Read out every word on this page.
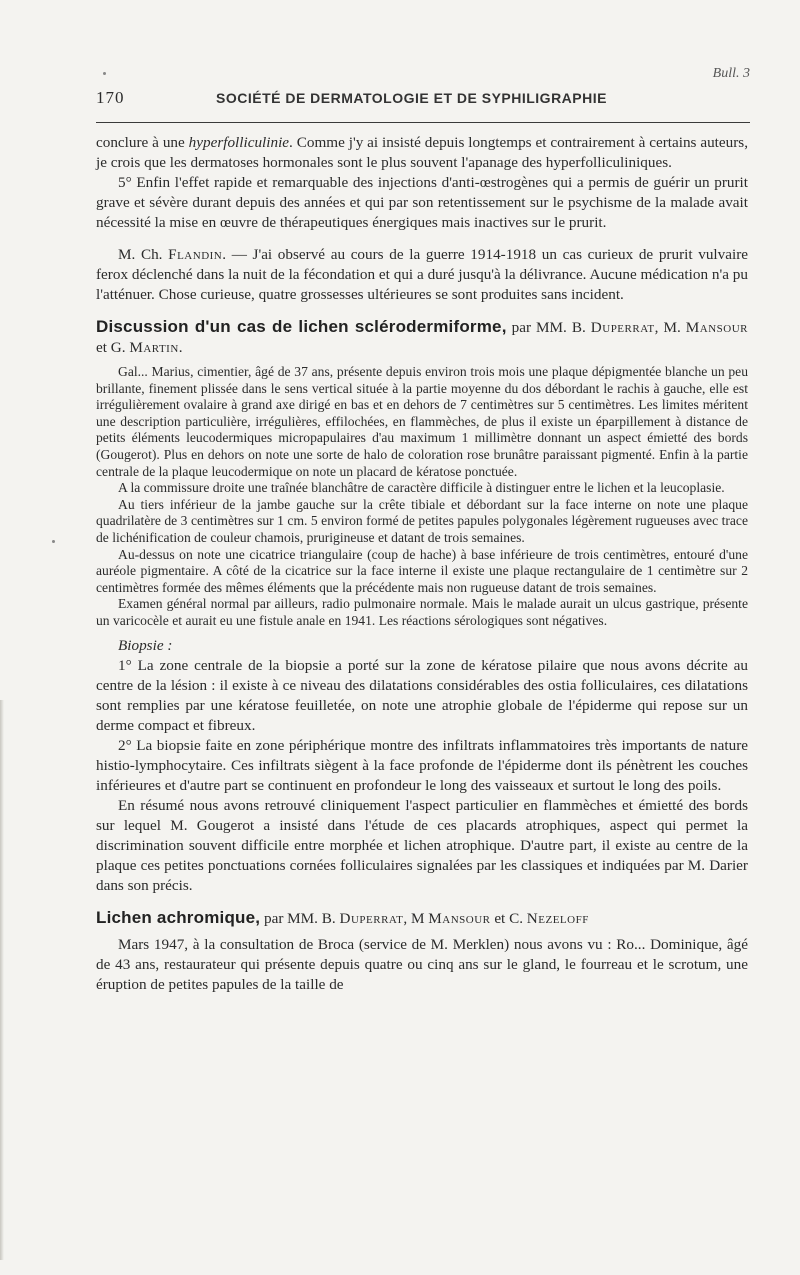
Bull. 3
170	SOCIÉTÉ DE DERMATOLOGIE ET DE SYPHILIGRAPHIE

conclure à une hyperfolliculinie. Comme j'y ai insisté depuis longtemps et contrairement à certains auteurs, je crois que les dermatoses hormonales sont le plus souvent l'apanage des hyperfolliculiniques.

5° Enfin l'effet rapide et remarquable des injections d'anti-œstrogènes qui a permis de guérir un prurit grave et sévère durant depuis des années et qui par son retentissement sur le psychisme de la malade avait nécessité la mise en œuvre de thérapeutiques énergiques mais inactives sur le prurit.

M. Ch. Flandin. — J'ai observé au cours de la guerre 1914-1918 un cas curieux de prurit vulvaire ferox déclenché dans la nuit de la fécondation et qui a duré jusqu'à la délivrance. Aucune médication n'a pu l'atténuer. Chose curieuse, quatre grossesses ultérieures se sont produites sans incident.

Discussion d'un cas de lichen sclérodermiforme, par MM. B. Duperrat, M. Mansour et G. Martin.

Gal... Marius, cimentier, âgé de 37 ans, présente depuis environ trois mois une plaque dépigmentée blanche un peu brillante, finement plissée dans le sens vertical située à la partie moyenne du dos débordant le rachis à gauche, elle est irrégulièrement ovalaire à grand axe dirigé en bas et en dehors de 7 centimètres sur 5 centimètres. Les limites méritent une description particulière, irrégulières, effilochées, en flammèches, de plus il existe un éparpillement à distance de petits éléments leucodermiques micropapulaires d'au maximum 1 millimètre donnant un aspect émietté des bords (Gougerot). Plus en dehors on note une sorte de halo de coloration rose brunâtre paraissant pigmenté. Enfin à la partie centrale de la plaque leucodermique on note un placard de kératose ponctuée.

A la commissure droite une traînée blanchâtre de caractère difficile à distinguer entre le lichen et la leucoplasie.

Au tiers inférieur de la jambe gauche sur la crête tibiale et débordant sur la face interne on note une plaque quadrilatère de 3 centimètres sur 1 cm. 5 environ formé de petites papules polygonales légèrement rugueuses avec trace de lichénification de couleur chamois, prurigineuse et datant de trois semaines.

Au-dessus on note une cicatrice triangulaire (coup de hache) à base inférieure de trois centimètres, entouré d'une auréole pigmentaire. A côté de la cicatrice sur la face interne il existe une plaque rectangulaire de 1 centimètre sur 2 centimètres formée des mêmes éléments que la précédente mais non rugueuse datant de trois semaines.

Examen général normal par ailleurs, radio pulmonaire normale. Mais le malade aurait un ulcus gastrique, présente un varicocèle et aurait eu une fistule anale en 1941. Les réactions sérologiques sont négatives.

Biopsie :

1° La zone centrale de la biopsie a porté sur la zone de kératose pilaire que nous avons décrite au centre de la lésion : il existe à ce niveau des dilatations considérables des ostia folliculaires, ces dilatations sont remplies par une kératose feuilletée, on note une atrophie globale de l'épiderme qui repose sur un derme compact et fibreux.

2° La biopsie faite en zone périphérique montre des infiltrats inflammatoires très importants de nature histio-lymphocytaire. Ces infiltrats siègent à la face profonde de l'épiderme dont ils pénètrent les couches inférieures et d'autre part se continuent en profondeur le long des vaisseaux et surtout le long des poils.

En résumé nous avons retrouvé cliniquement l'aspect particulier en flammèches et émietté des bords sur lequel M. Gougerot a insisté dans l'étude de ces placards atrophiques, aspect qui permet la discrimination souvent difficile entre morphée et lichen atrophique. D'autre part, il existe au centre de la plaque ces petites ponctuations cornées folliculaires signalées par les classiques et indiquées par M. Darier dans son précis.

Lichen achromique, par MM. B. Duperrat, M Mansour et C. Nezeloff

Mars 1947, à la consultation de Broca (service de M. Merklen) nous avons vu : Ro... Dominique, âgé de 43 ans, restaurateur qui présente depuis quatre ou cinq ans sur le gland, le fourreau et le scrotum, une éruption de petites papules de la taille de
